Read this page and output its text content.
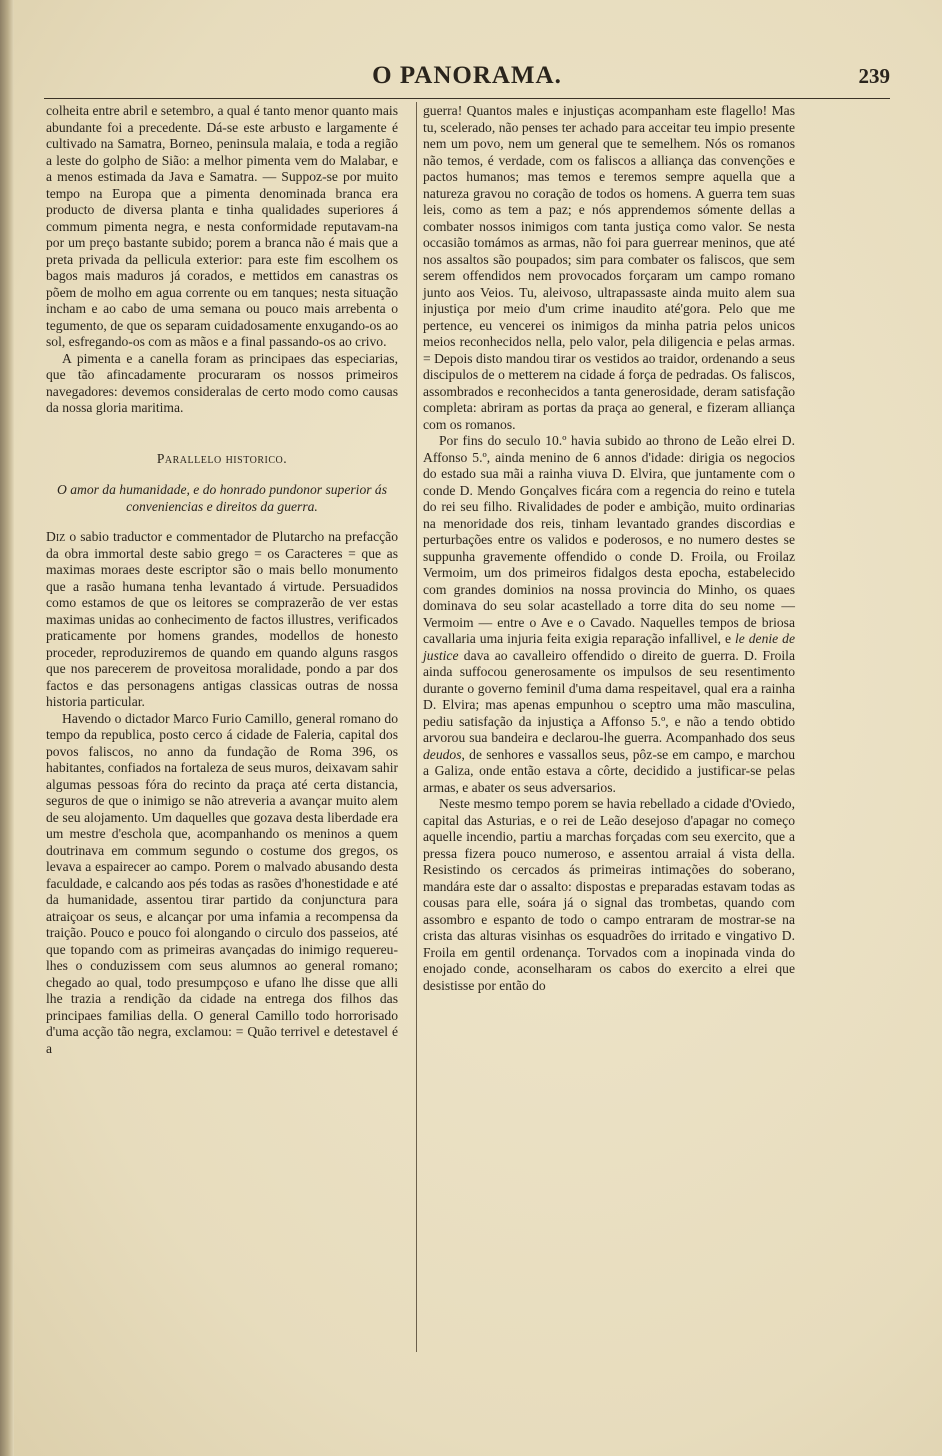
O PANORAMA.	239

colheita entre abril e setembro, a qual é tanto menor quanto mais abundante foi a precedente. Dá-se este arbusto e largamente é cultivado na Samatra, Borneo, peninsula malaia, e toda a região a leste do golpho de Sião: a melhor pimenta vem do Malabar, e a menos estimada da Java e Samatra. — Suppoz-se por muito tempo na Europa que a pimenta denominada branca era producto de diversa planta e tinha qualidades superiores á commum pimenta negra, e nesta conformidade reputavam-na por um preço bastante subido; porem a branca não é mais que a preta privada da pellicula exterior: para este fim escolhem os bagos mais maduros já corados, e mettidos em canastras os põem de molho em agua corrente ou em tanques; nesta situação incham e ao cabo de uma semana ou pouco mais arrebenta o tegumento, de que os separam cuidadosamente enxugando-os ao sol, esfregando-os com as mãos e a final passando-os ao crivo.

A pimenta e a canella foram as principaes das especiarias, que tão afincadamente procuraram os nossos primeiros navegadores: devemos consideralas de certo modo como causas da nossa gloria maritima.

Parallelo historico.
O amor da humanidade, e do honrado pundonor superior ás conveniencias e direitos da guerra.

Diz o sabio traductor e commentador de Plutarcho na prefacção da obra immortal deste sabio grego = os Caracteres = que as maximas moraes deste escriptor são o mais bello monumento que a rasão humana tenha levantado á virtude. Persuadidos como estamos de que os leitores se comprazerão de ver estas maximas unidas ao conhecimento de factos illustres, verificados praticamente por homens grandes, modellos de honesto proceder, reproduziremos de quando em quando alguns rasgos que nos parecerem de proveitosa moralidade, pondo a par dos factos e das personagens antigas classicas outras de nossa historia particular.

Havendo o dictador Marco Furio Camillo, general romano do tempo da republica, posto cerco á cidade de Faleria, capital dos povos faliscos, no anno da fundação de Roma 396, os habitantes, confiados na fortaleza de seus muros, deixavam sahir algumas pessoas fóra do recinto da praça até certa distancia, seguros de que o inimigo se não atreveria a avançar muito alem de seu alojamento. Um daquelles que gozava desta liberdade era um mestre d'eschola que, acompanhando os meninos a quem doutrinava em commum segundo o costume dos gregos, os levava a espairecer ao campo. Porem o malvado abusando desta faculdade, e calcando aos pés todas as rasões d'honestidade e até da humanidade, assentou tirar partido da conjunctura para atraiçoar os seus, e alcançar por uma infamia a recompensa da traição. Pouco e pouco foi alongando o circulo dos passeios, até que topando com as primeiras avançadas do inimigo requereu-lhes o conduzissem com seus alumnos ao general romano; chegado ao qual, todo presumpçoso e ufano lhe disse que alli lhe trazia a rendição da cidade na entrega dos filhos das principaes familias della. O general Camillo todo horrorisado d'uma acção tão negra, exclamou: = Quão terrivel e detestavel é a

guerra! Quantos males e injustiças acompanham este flagello! Mas tu, scelerado, não penses ter achado para acceitar teu impio presente nem um povo, nem um general que te semelhem. Nós os romanos não temos, é verdade, com os faliscos a alliança das convenções e pactos humanos; mas temos e teremos sempre aquella que a natureza gravou no coração de todos os homens. A guerra tem suas leis, como as tem a paz; e nós apprendemos sómente dellas a combater nossos inimigos com tanta justiça como valor. Se nesta occasião tomámos as armas, não foi para guerrear meninos, que até nos assaltos são poupados; sim para combater os faliscos, que sem serem offendidos nem provocados forçaram um campo romano junto aos Veios. Tu, aleivoso, ultrapassaste ainda muito alem sua injustiça por meio d'um crime inaudito até'gora. Pelo que me pertence, eu vencerei os inimigos da minha patria pelos unicos meios reconhecidos nella, pelo valor, pela diligencia e pelas armas. = Depois disto mandou tirar os vestidos ao traidor, ordenando a seus discipulos de o metterem na cidade á força de pedradas. Os faliscos, assombrados e reconhecidos a tanta generosidade, deram satisfação completa: abriram as portas da praça ao general, e fizeram alliança com os romanos.

Por fins do seculo 10.º havia subido ao throno de Leão elrei D. Affonso 5.º, ainda menino de 6 annos d'idade: dirigia os negocios do estado sua mãi a rainha viuva D. Elvira, que juntamente com o conde D. Mendo Gonçalves ficára com a regencia do reino e tutela do rei seu filho. Rivalidades de poder e ambição, muito ordinarias na menoridade dos reis, tinham levantado grandes discordias e perturbações entre os validos e poderosos, e no numero destes se suppunha gravemente offendido o conde D. Froila, ou Froilaz Vermoim, um dos primeiros fidalgos desta epocha, estabelecido com grandes dominios na nossa provincia do Minho, os quaes dominava do seu solar acastellado a torre dita do seu nome — Vermoim — entre o Ave e o Cavado. Naquelles tempos de briosa cavallaria uma injuria feita exigia reparação infallivel, e le denie de justice dava ao cavalleiro offendido o direito de guerra. D. Froila ainda suffocou generosamente os impulsos de seu resentimento durante o governo feminil d'uma dama respeitavel, qual era a rainha D. Elvira; mas apenas empunhou o sceptro uma mão masculina, pediu satisfação da injustiça a Affonso 5.º, e não a tendo obtido arvorou sua bandeira e declarou-lhe guerra. Acompanhado dos seus deudos, de senhores e vassallos seus, pôz-se em campo, e marchou a Galiza, onde então estava a côrte, decidido a justificar-se pelas armas, e abater os seus adversarios.

Neste mesmo tempo porem se havia rebellado a cidade d'Oviedo, capital das Asturias, e o rei de Leão desejoso d'apagar no começo aquelle incendio, partiu a marchas forçadas com seu exercito, que a pressa fizera pouco numeroso, e assentou arraial á vista della. Resistindo os cercados ás primeiras intimações do soberano, mandára este dar o assalto: dispostas e preparadas estavam todas as cousas para elle, soára já o signal das trombetas, quando com assombro e espanto de todo o campo entraram de mostrar-se na crista das alturas visinhas os esquadrões do irritado e vingativo D. Froila em gentil ordenança. Torvados com a inopinada vinda do enojado conde, aconselharam os cabos do exercito a elrei que desistisse por então do
